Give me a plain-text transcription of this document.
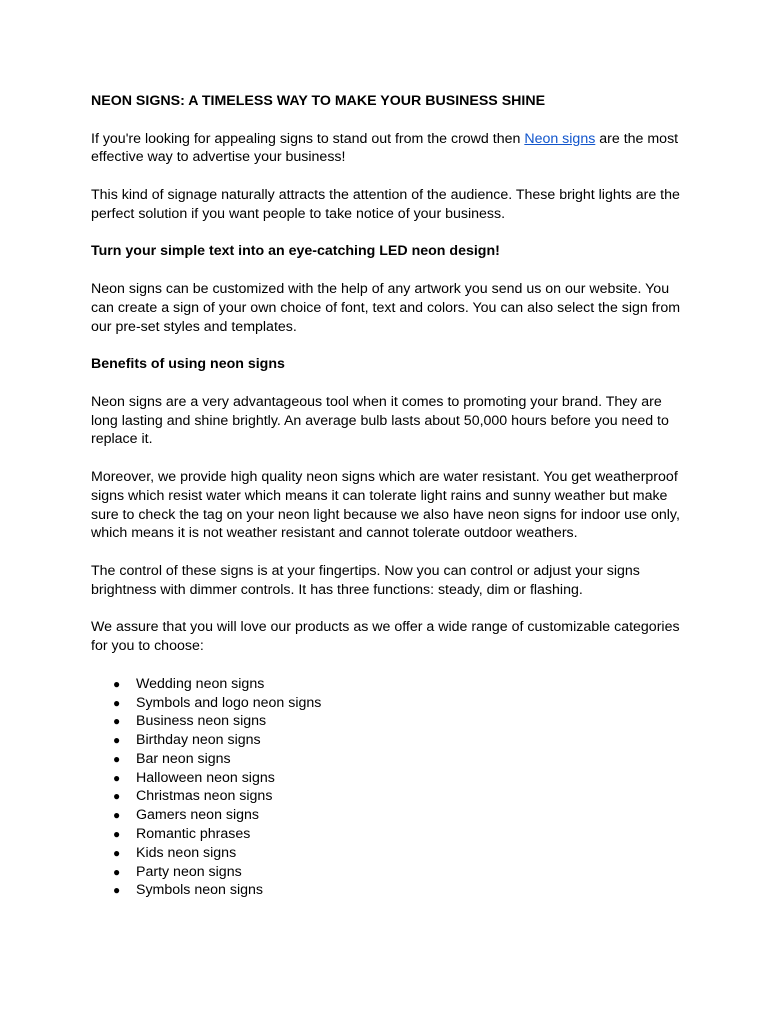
NEON SIGNS: A TIMELESS WAY TO MAKE YOUR BUSINESS SHINE

If you're looking for appealing signs to stand out from the crowd then Neon signs are the most effective way to advertise your business!

This kind of signage naturally attracts the attention of the audience. These bright lights are the perfect solution if you want people to take notice of your business.

Turn your simple text into an eye-catching LED neon design!

Neon signs can be customized with the help of any artwork you send us on our website. You can create a sign of your own choice of font, text and colors. You can also select the sign from our pre-set styles and templates.

Benefits of using neon signs

Neon signs are a very advantageous tool when it comes to promoting your brand. They are long lasting and shine brightly. An average bulb lasts about 50,000 hours before you need to replace it.

Moreover, we provide high quality neon signs which are water resistant. You get weatherproof signs which resist water which means it can tolerate light rains and sunny weather but make sure to check the tag on your neon light because we also have neon signs for indoor use only, which means it is not weather resistant and cannot tolerate outdoor weathers.

The control of these signs is at your fingertips. Now you can control or adjust your signs brightness with dimmer controls. It has three functions: steady, dim or flashing.

We assure that you will love our products as we offer a wide range of customizable categories for you to choose:

● Wedding neon signs
● Symbols and logo neon signs
● Business neon signs
● Birthday neon signs
● Bar neon signs
● Halloween neon signs
● Christmas neon signs
● Gamers neon signs
● Romantic phrases
● Kids neon signs
● Party neon signs
● Symbols neon signs
